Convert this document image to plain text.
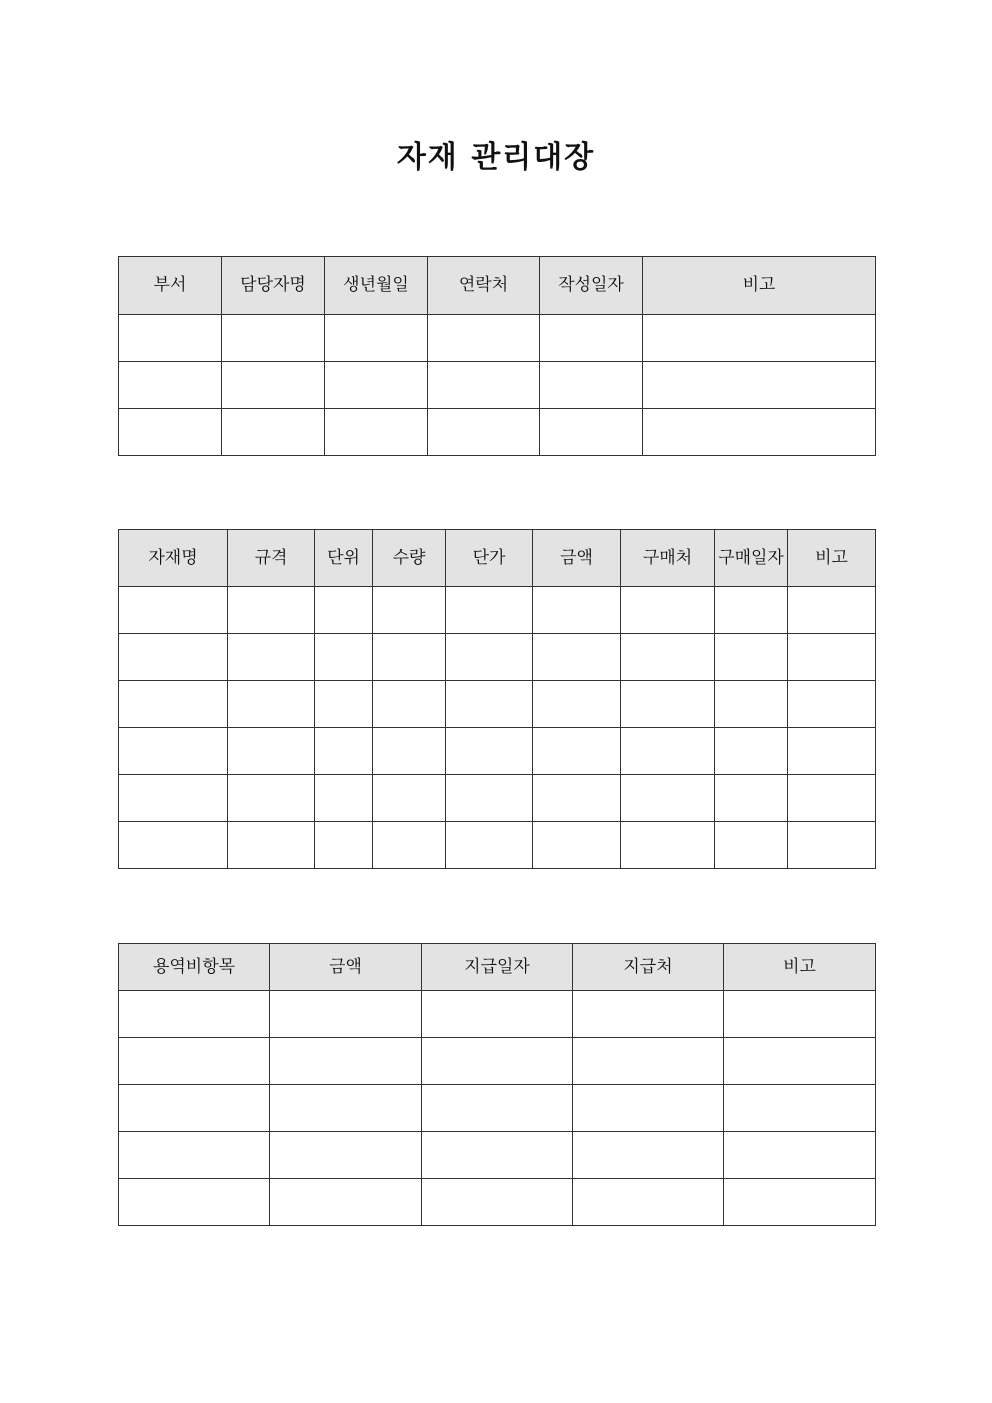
자재 관리대장
부서	담당자명	생년월일	연락처	작성일자	비고

자재명	규격	단위	수량	단가	금액	구매처	구매일자	비고

용역비항목	금액	지급일자	지급처	비고
